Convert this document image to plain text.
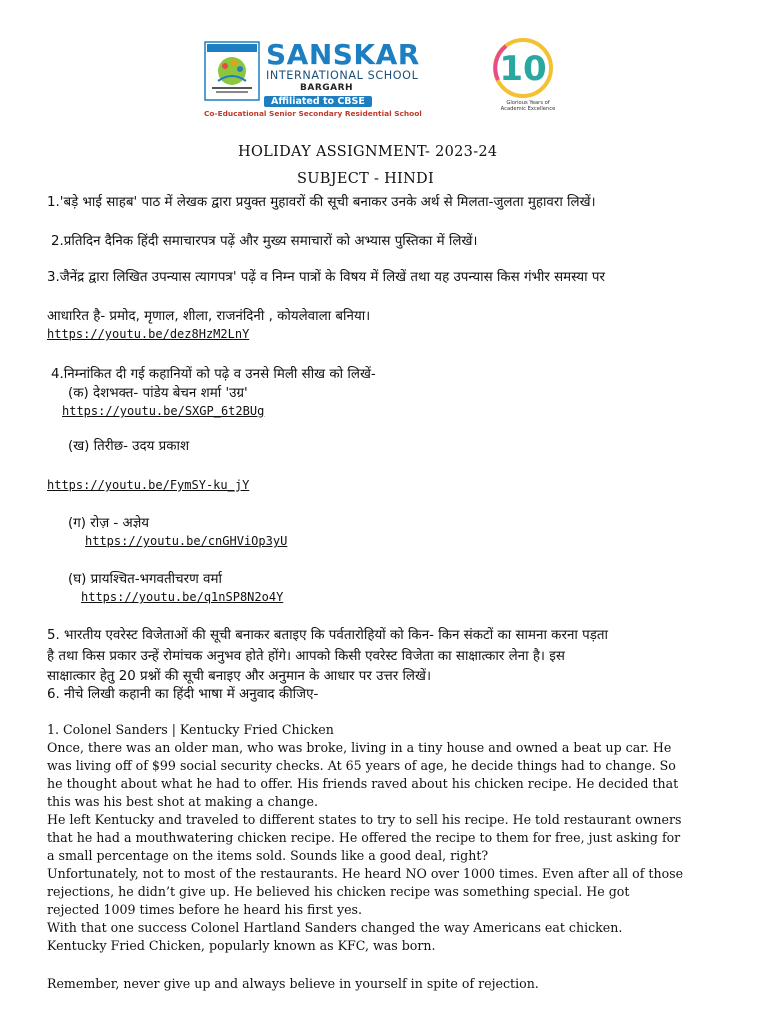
SANSKAR
INTERNATIONAL SCHOOL
BARGARH
Affiliated to CBSE
Co-Educational Senior Secondary Residential School
10
Glorious Years of Academic Excellence
HOLIDAY ASSIGNMENT- 2023-24
SUBJECT - HINDI
1.'बड़े भाई साहब' पाठ में लेखक द्वारा प्रयुक्त मुहावरों की सूची बनाकर उनके अर्थ से मिलता-जुलता मुहावरा लिखें।
2.प्रतिदिन दैनिक हिंदी समाचारपत्र पढ़ें और मुख्य समाचारों को अभ्यास पुस्तिका में लिखें।
3.जैनेंद्र द्वारा लिखित उपन्यास त्यागपत्र' पढ़ें व निम्न पात्रों के विषय में लिखें तथा यह उपन्यास किस गंभीर समस्या पर
आधारित है- प्रमोद, मृणाल, शीला, राजनंदिनी , कोयलेवाला बनिया।
https://youtu.be/dez8HzM2LnY
4.निम्नांकित दी गई कहानियों को पढ़े व उनसे मिली सीख को लिखें-
(क) देशभक्त- पांडेय बेचन शर्मा 'उग्र'
https://youtu.be/SXGP_6t2BUg
(ख) तिरीछ- उदय प्रकाश
https://youtu.be/FymSY-ku_jY
(ग) रोज़ - अज्ञेय
https://youtu.be/cnGHViOp3yU
(घ) प्रायश्चित-भगवतीचरण वर्मा
https://youtu.be/q1nSP8N2o4Y
5. भारतीय एवरेस्ट विजेताओं की सूची बनाकर बताइए कि पर्वतारोहियों को किन- किन संकटों का सामना करना पड़ता
है तथा किस प्रकार उन्हें रोमांचक अनुभव होते होंगे। आपको किसी एवरेस्ट विजेता का साक्षात्कार लेना है। इस
साक्षात्कार हेतु 20 प्रश्नों की सूची बनाइए और अनुमान के आधार पर उत्तर लिखें।
6. नीचे लिखी कहानी का हिंदी भाषा में अनुवाद कीजिए-
1. Colonel Sanders | Kentucky Fried Chicken
Once, there was an older man, who was broke, living in a tiny house and owned a beat up car. He
was living off of $99 social security checks. At 65 years of age, he decide things had to change. So
he thought about what he had to offer. His friends raved about his chicken recipe. He decided that
this was his best shot at making a change.
He left Kentucky and traveled to different states to try to sell his recipe. He told restaurant owners
that he had a mouthwatering chicken recipe. He offered the recipe to them for free, just asking for
a small percentage on the items sold. Sounds like a good deal, right?
Unfortunately, not to most of the restaurants. He heard NO over 1000 times. Even after all of those
rejections, he didn’t give up. He believed his chicken recipe was something special. He got
rejected 1009 times before he heard his first yes.
With that one success Colonel Hartland Sanders changed the way Americans eat chicken.
Kentucky Fried Chicken, popularly known as KFC, was born.
Remember, never give up and always believe in yourself in spite of rejection.
